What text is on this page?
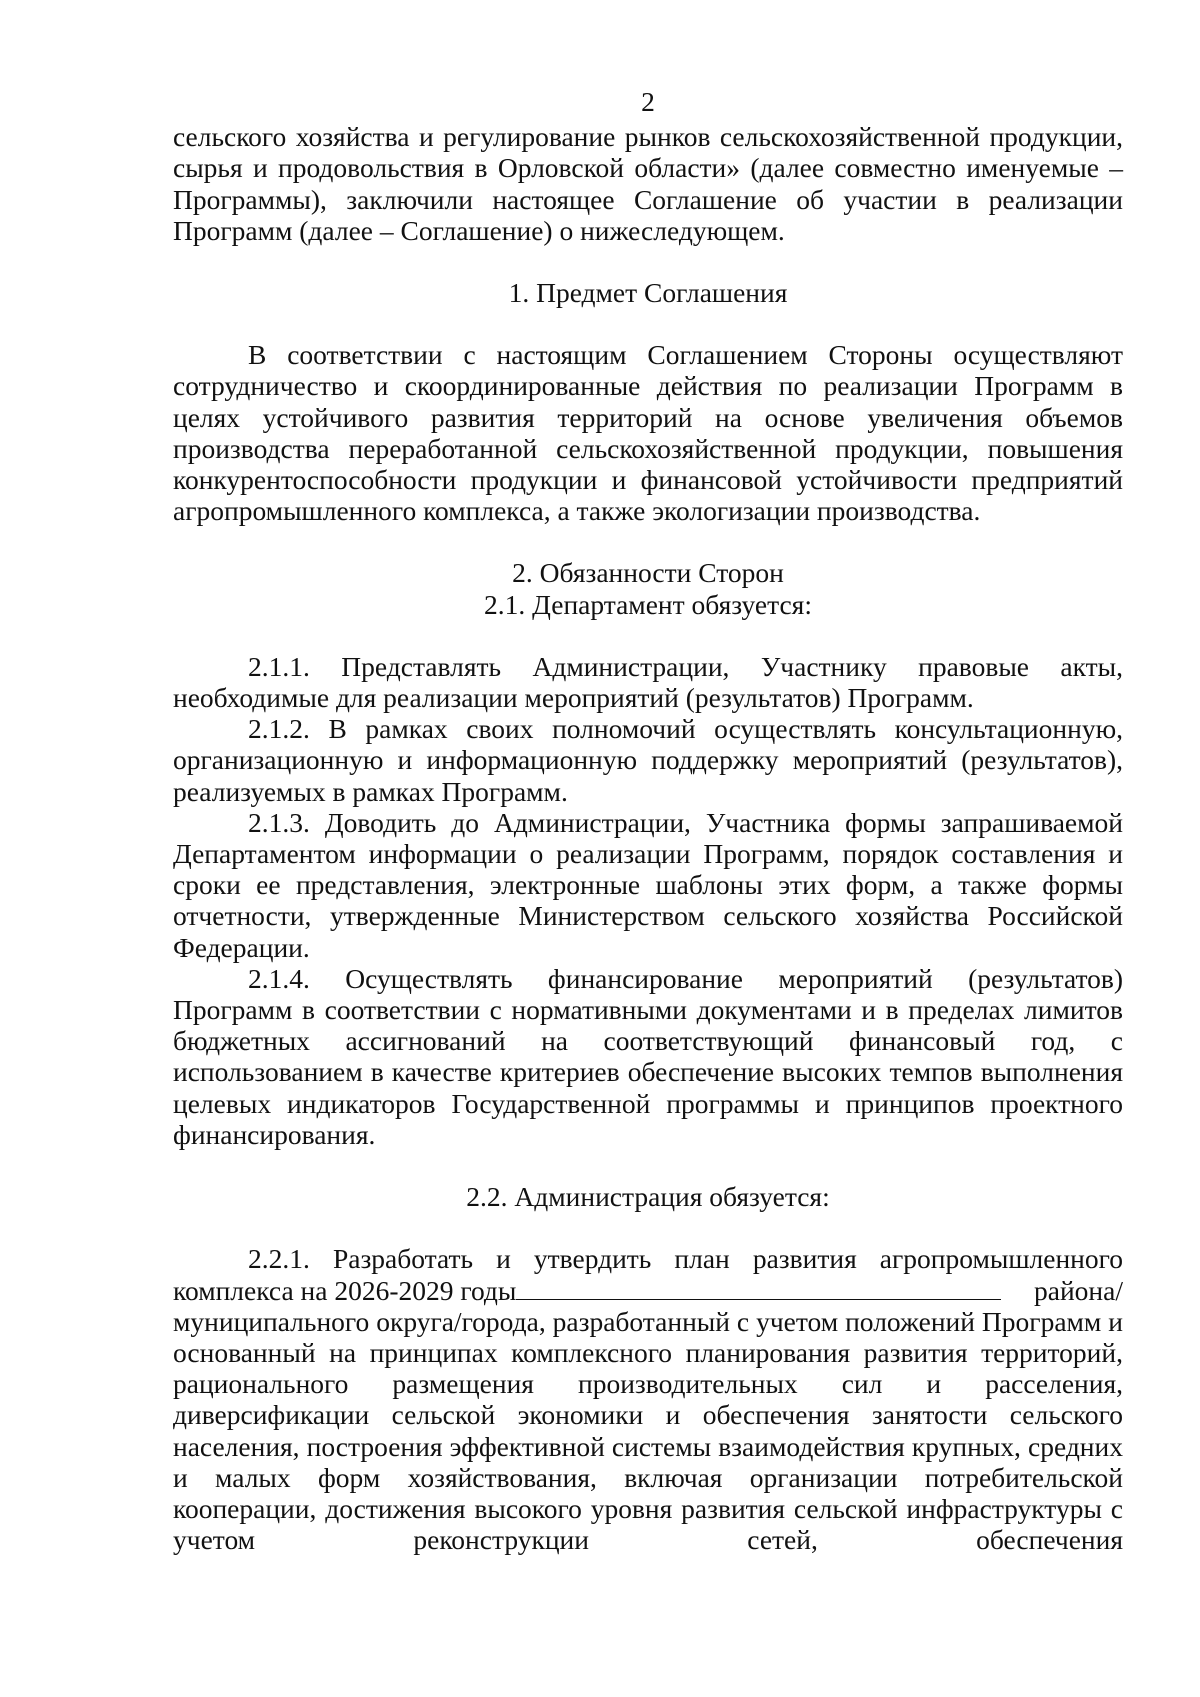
2

сельского хозяйства и регулирование рынков сельскохозяйственной продукции, сырья и продовольствия в Орловской области» (далее совместно именуемые – Программы), заключили настоящее Соглашение об участии в реализации Программ (далее – Соглашение) о нижеследующем.

1. Предмет Соглашения

В соответствии с настоящим Соглашением Стороны осуществляют сотрудничество и скоординированные действия по реализации Программ в целях устойчивого развития территорий на основе увеличения объемов производства переработанной сельскохозяйственной продукции, повышения конкурентоспособности продукции и финансовой устойчивости предприятий агропромышленного комплекса, а также экологизации производства.

2. Обязанности Сторон

2.1. Департамент обязуется:

2.1.1. Представлять Администрации, Участнику правовые акты, необходимые для реализации мероприятий (результатов) Программ.

2.1.2. В рамках своих полномочий осуществлять консультационную, организационную и информационную поддержку мероприятий (результатов), реализуемых в рамках Программ.

2.1.3. Доводить до Администрации, Участника формы запрашиваемой Департаментом информации о реализации Программ, порядок составления и сроки ее представления, электронные шаблоны этих форм, а также формы отчетности, утвержденные Министерством сельского хозяйства Российской Федерации.

2.1.4. Осуществлять финансирование мероприятий (результатов) Программ в соответствии с нормативными документами и в пределах лимитов бюджетных ассигнований на соответствующий финансовый год, с использованием в качестве критериев обеспечение высоких темпов выполнения целевых индикаторов Государственной программы и принципов проектного финансирования.

2.2. Администрация обязуется:

2.2.1. Разработать и утвердить план развития агропромышленного

комплекса на 2026-2029 годы	района/

муниципального округа/города, разработанный с учетом положений Программ и основанный на принципах комплексного планирования развития территорий, рационального размещения производительных сил и расселения, диверсификации сельской экономики и обеспечения занятости сельского населения, построения эффективной системы взаимодействия крупных, средних и малых форм хозяйствования, включая организации потребительской кооперации, достижения высокого уровня развития сельской инфраструктуры с учетом реконструкции сетей, обеспечения
